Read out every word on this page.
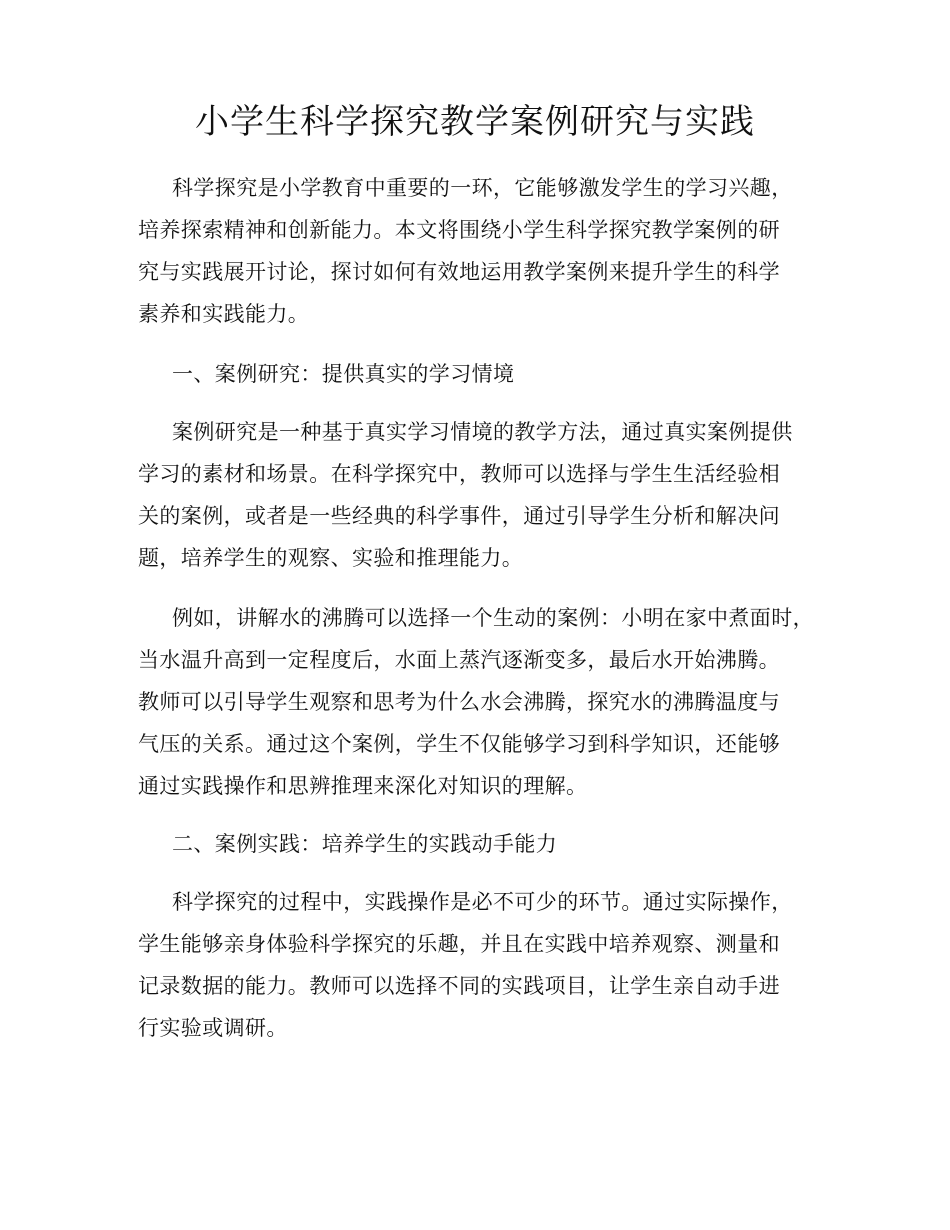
小学生科学探究教学案例研究与实践
科学探究是小学教育中重要的一环，它能够激发学生的学习兴趣，
培养探索精神和创新能力。本文将围绕小学生科学探究教学案例的研
究与实践展开讨论，探讨如何有效地运用教学案例来提升学生的科学
素养和实践能力。
一、案例研究：提供真实的学习情境
案例研究是一种基于真实学习情境的教学方法，通过真实案例提供
学习的素材和场景。在科学探究中，教师可以选择与学生生活经验相
关的案例，或者是一些经典的科学事件，通过引导学生分析和解决问
题，培养学生的观察、实验和推理能力。
例如，讲解水的沸腾可以选择一个生动的案例：小明在家中煮面时，
当水温升高到一定程度后，水面上蒸汽逐渐变多，最后水开始沸腾。
教师可以引导学生观察和思考为什么水会沸腾，探究水的沸腾温度与
气压的关系。通过这个案例，学生不仅能够学习到科学知识，还能够
通过实践操作和思辨推理来深化对知识的理解。
二、案例实践：培养学生的实践动手能力
科学探究的过程中，实践操作是必不可少的环节。通过实际操作，
学生能够亲身体验科学探究的乐趣，并且在实践中培养观察、测量和
记录数据的能力。教师可以选择不同的实践项目，让学生亲自动手进
行实验或调研。
